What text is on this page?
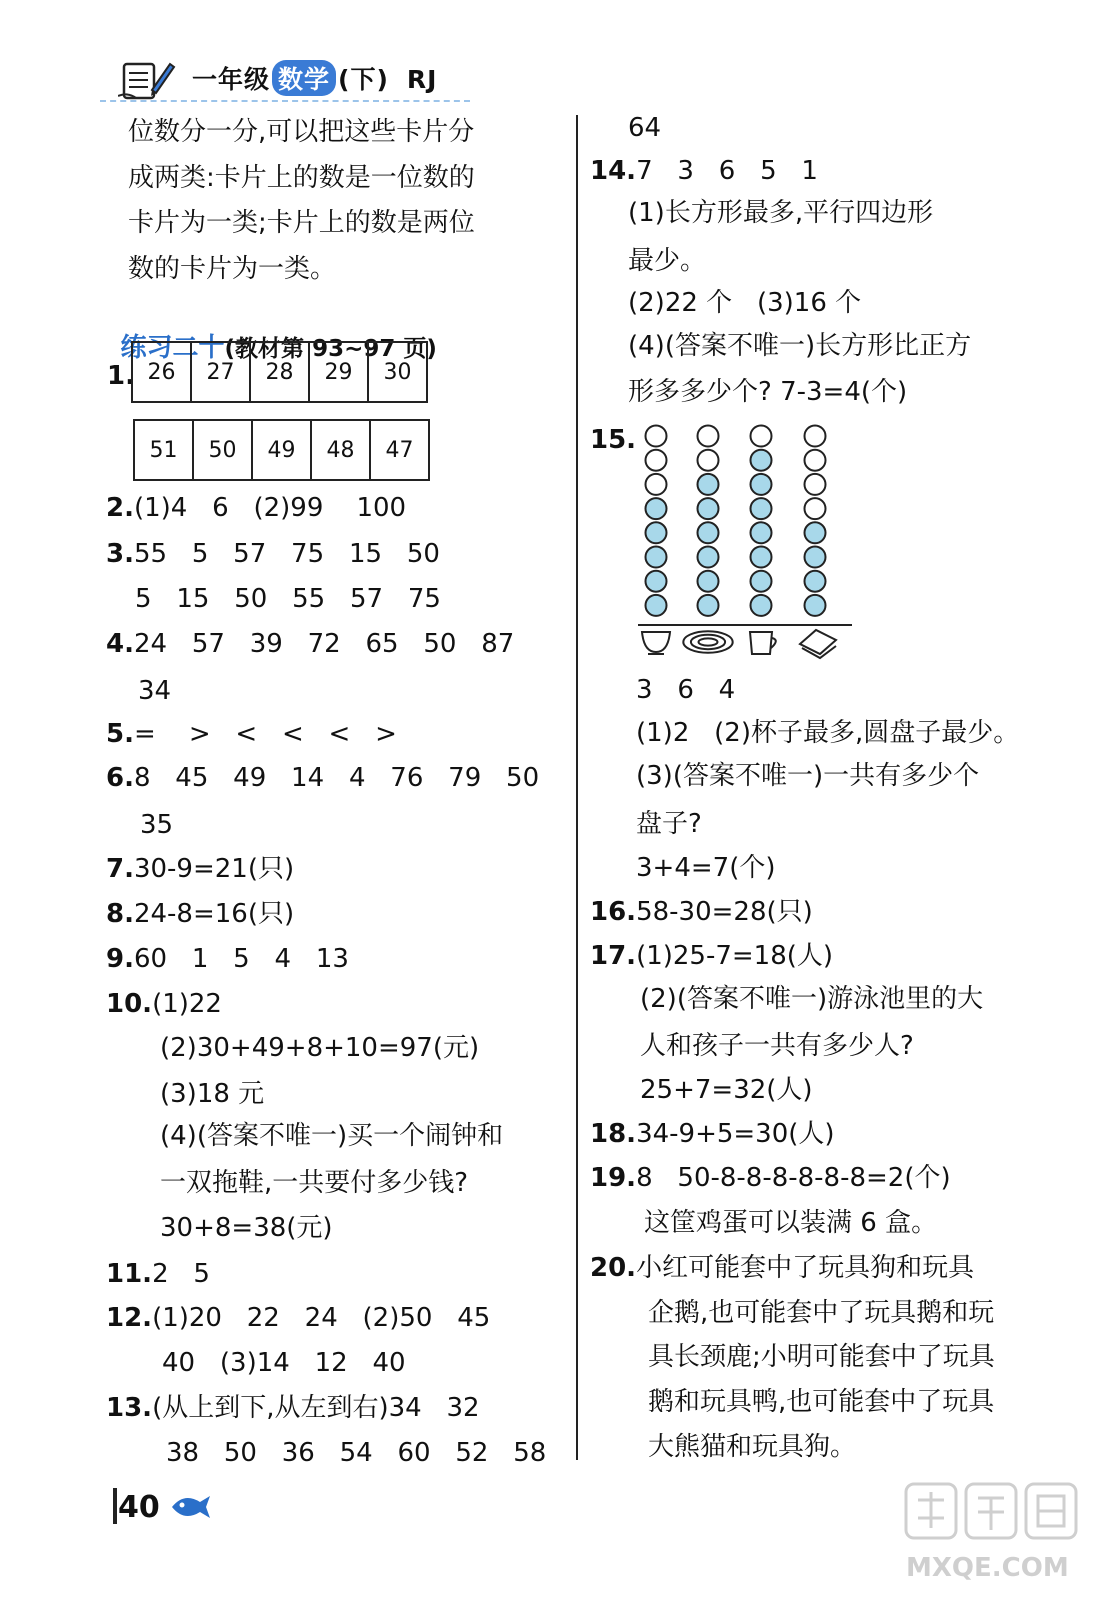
一年级 数学 (下) RJ
位数分一分,可以把这些卡片分
成两类:卡片上的数是一位数的
卡片为一类;卡片上的数是两位
数的卡片为一类。

练习二十(教材第 93~97 页)

1. 26	27	28	29	30
51	50	49	48	47
2.(1)4   6   (2)99    100
3.55   5   57   75   15   50
5   15   50   55   57   75
4.24   57   39   72   65   50   87
34
5.=    >   <   <   <   >
6.8   45   49   14   4   76   79   50
35
7.30-9=21(只)
8.24-8=16(只)
9.60   1   5   4   13
10.(1)22
(2)30+49+8+10=97(元)
(3)18 元
(4)(答案不唯一)买一个闹钟和
一双拖鞋,一共要付多少钱?
30+8=38(元)
11.2   5
12.(1)20   22   24   (2)50   45
40   (3)14   12   40
13.(从上到下,从左到右)34   32
38   50   36   54   60   52   58
64
14.7   3   6   5   1
(1)长方形最多,平行四边形
最少。
(2)22 个   (3)16 个
(4)(答案不唯一)长方形比正方
形多多少个? 7-3=4(个)
15.
3   6   4
(1)2   (2)杯子最多,圆盘子最少。
(3)(答案不唯一)一共有多少个
盘子?
3+4=7(个)
16.58-30=28(只)
17.(1)25-7=18(人)
(2)(答案不唯一)游泳池里的大
人和孩子一共有多少人?
25+7=32(人)
18.34-9+5=30(人)
19.8   50-8-8-8-8-8-8=2(个)
这筐鸡蛋可以装满 6 盒。
20.小红可能套中了玩具狗和玩具
企鹅,也可能套中了玩具鹅和玩
具长颈鹿;小明可能套中了玩具
鹅和玩具鸭,也可能套中了玩具
大熊猫和玩具狗。
40
MXQE.COM
